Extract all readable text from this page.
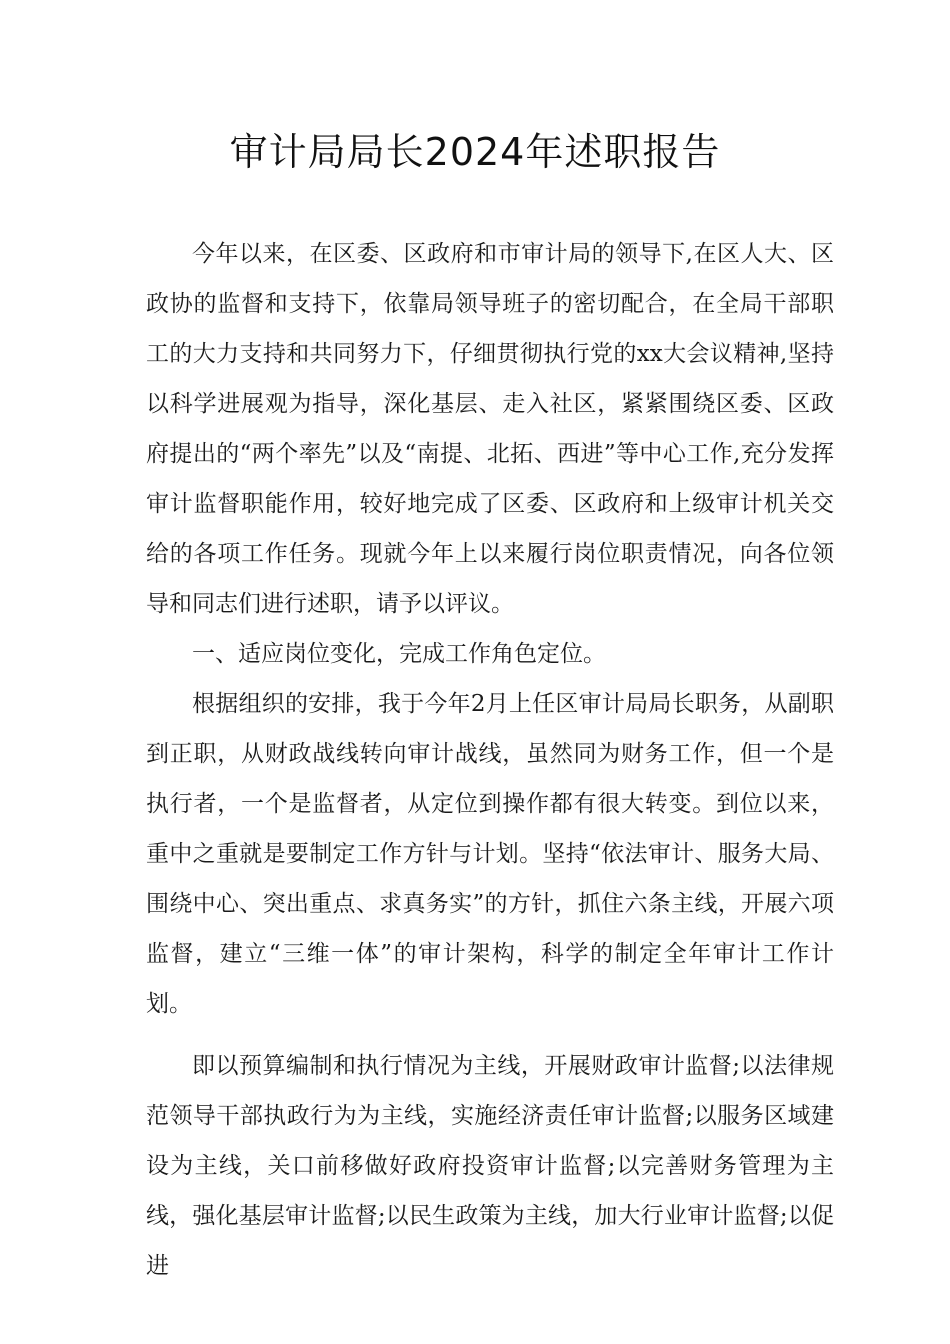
审计局局长2024年述职报告

今年以来，在区委、区政府和市审计局的领导下,在区人大、区政协的监督和支持下，依靠局领导班子的密切配合，在全局干部职工的大力支持和共同努力下，仔细贯彻执行党的xx大会议精神,坚持以科学进展观为指导，深化基层、走入社区，紧紧围绕区委、区政府提出的“两个率先”以及“南提、北拓、西进”等中心工作,充分发挥审计监督职能作用，较好地完成了区委、区政府和上级审计机关交给的各项工作任务。现就今年上以来履行岗位职责情况，向各位领导和同志们进行述职，请予以评议。

一、适应岗位变化，完成工作角色定位。

根据组织的安排，我于今年2月上任区审计局局长职务，从副职到正职，从财政战线转向审计战线，虽然同为财务工作，但一个是执行者，一个是监督者，从定位到操作都有很大转变。到位以来，重中之重就是要制定工作方针与计划。坚持“依法审计、服务大局、围绕中心、突出重点、求真务实”的方针，抓住六条主线，开展六项监督，建立“三维一体”的审计架构，科学的制定全年审计工作计划。

即以预算编制和执行情况为主线，开展财政审计监督;以法律规范领导干部执政行为为主线，实施经济责任审计监督;以服务区域建设为主线，关口前移做好政府投资审计监督;以完善财务管理为主线，强化基层审计监督;以民生政策为主线，加大行业审计监督;以促进
